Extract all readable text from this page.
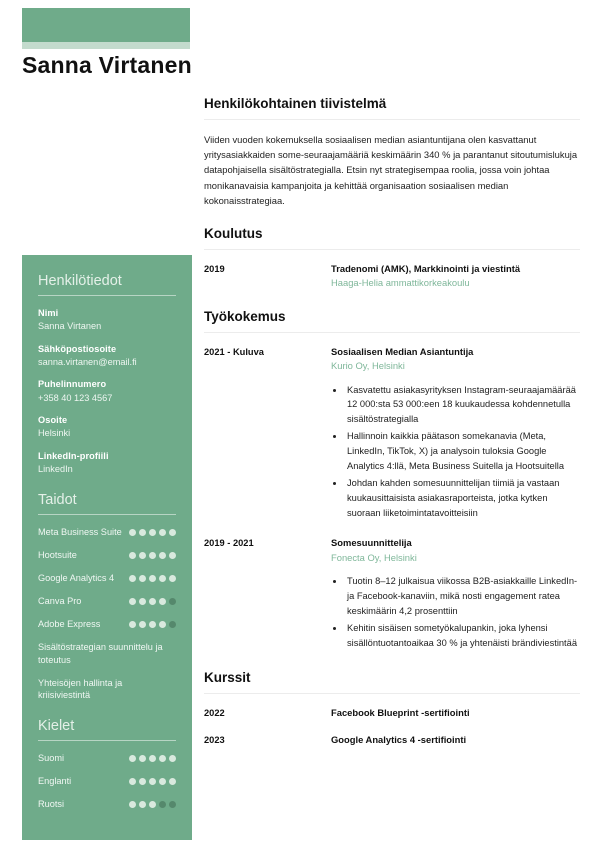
Sanna Virtanen
Henkilötiedot
Nimi
Sanna Virtanen
Sähköpostiosoite
sanna.virtanen@email.fi
Puhelinnumero
+358 40 123 4567
Osoite
Helsinki
LinkedIn-profiili
LinkedIn
Taidot
Meta Business Suite
Hootsuite
Google Analytics 4
Canva Pro
Adobe Express
Sisältöstrategian suunnittelu ja toteutus
Yhteisöjen hallinta ja kriisiviestintä
Kielet
Suomi
Englanti
Ruotsi
Henkilökohtainen tiivistelmä

Viiden vuoden kokemuksella sosiaalisen median asiantuntijana olen kasvattanut yritysasiakkaiden some-seuraajamääriä keskimäärin 340 % ja parantanut sitoutumislukuja datapohjaisella sisältöstrategialla. Etsin nyt strategisempaa roolia, jossa voin johtaa monikanavaisia kampanjoita ja kehittää organisaation sosiaalisen median kokonaisstrategiaa.

Koulutus
2019	Tradenomi (AMK), Markkinointi ja viestintä
Haaga-Helia ammattikorkeakoulu
Työkokemus
2021 - Kuluva	Sosiaalisen Median Asiantuntija
Kurio Oy, Helsinki
• Kasvatettu asiakasyrityksen Instagram-seuraajamäärää 12 000:sta 53 000:een 18 kuukaudessa kohdennetulla sisältöstrategialla
• Hallinnoin kaikkia päätason somekanavia (Meta, LinkedIn, TikTok, X) ja analysoin tuloksia Google Analytics 4:llä, Meta Business Suitella ja Hootsuitella
• Johdan kahden somesuunnittelijan tiimiä ja vastaan kuukausittaisista asiakasraporteista, jotka kytken suoraan liiketoimintatavoitteisiin
2019 - 2021	Somesuunnittelija
Fonecta Oy, Helsinki
• Tuotin 8–12 julkaisua viikossa B2B-asiakkaille LinkedIn- ja Facebook-kanaviin, mikä nosti engagement ratea keskimäärin 4,2 prosenttiin
• Kehitin sisäisen sometyökalupankin, joka lyhensi sisällöntuotantoaikaa 30 % ja yhtenäisti brändiviestintää
Kurssit
2022	Facebook Blueprint -sertifiointi
2023	Google Analytics 4 -sertifiointi
